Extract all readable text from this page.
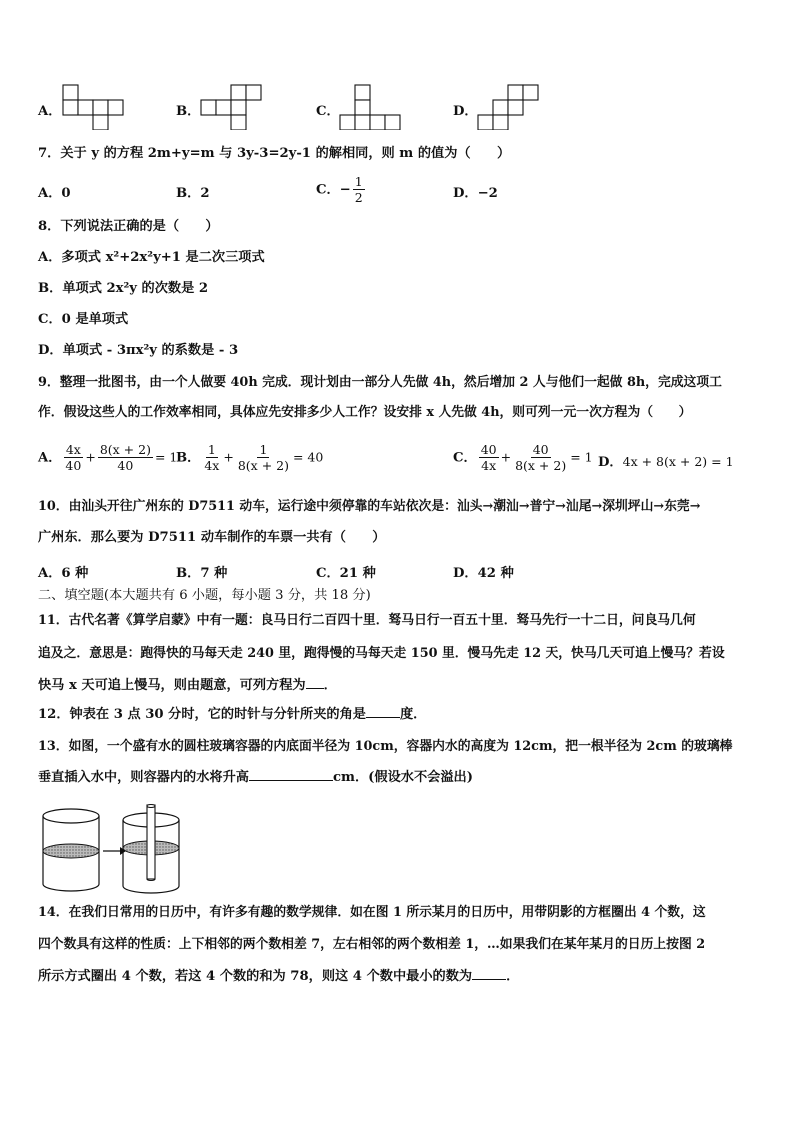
A．	B．	C．	D．
7．关于 y 的方程 2m+y=m 与 3y-3=2y-1 的解相同，则 m 的值为（　　）
A．0	B．2	C．− $\frac{1}{2}$	D．−2
8．下列说法正确的是（　　）
A．多项式 x²+2x²y+1 是二次三项式
B．单项式 2x²y 的次数是 2
C．0 是单项式
D．单项式 - 3πx²y 的系数是 - 3
9．整理一批图书，由一个人做要 40h 完成．现计划由一部分人先做 4h，然后增加 2 人与他们一起做 8h，完成这项工
作．假设这些人的工作效率相同，具体应先安排多少人工作？设安排 x 人先做 4h，则可列一元一次方程为（　　）
A． $\frac{4x}{40} + \frac{8(x + 2)}{40} = 1$
B． $\frac{1}{4x} + \frac{1}{8(x + 2)} = 40$	C． $\frac{40}{4x} + \frac{40}{8(x + 2)} = 1$ D．4x + 8(x + 2) = 1
10．由汕头开往广州东的 D7511 动车，运行途中须停靠的车站依次是：汕头→潮汕→普宁→汕尾→深圳坪山→东莞→
广州东．那么要为 D7511 动车制作的车票一共有（　　）
A．6 种	B．7 种	C．21 种	D．42 种
二、填空题(本大题共有 6 小题，每小题 3 分，共 18 分)
11．古代名著《算学启蒙》中有一题：良马日行二百四十里．驽马日行一百五十里．驽马先行一十二日，问良马几何
追及之．意思是：跑得快的马每天走 240 里，跑得慢的马每天走 150 里．慢马先走 12 天，快马几天可追上慢马？若设
快马 x 天可追上慢马，则由题意，可列方程为 ．
12．钟表在 3 点 30 分时，它的时针与分针所夹的角是	度．
13．如图，一个盛有水的圆柱玻璃容器的内底面半径为 10cm，容器内水的高度为 12cm，把一根半径为 2cm 的玻璃棒
垂直插入水中，则容器内的水将升高	cm．(假设水不会溢出)
14．在我们日常用的日历中，有许多有趣的数学规律．如在图 1 所示某月的日历中，用带阴影的方框圈出 4 个数，这
四个数具有这样的性质：上下相邻的两个数相差 7，左右相邻的两个数相差 1，…如果我们在某年某月的日历上按图 2
所示方式圈出 4 个数，若这 4 个数的和为 78，则这 4 个数中最小的数为	．
